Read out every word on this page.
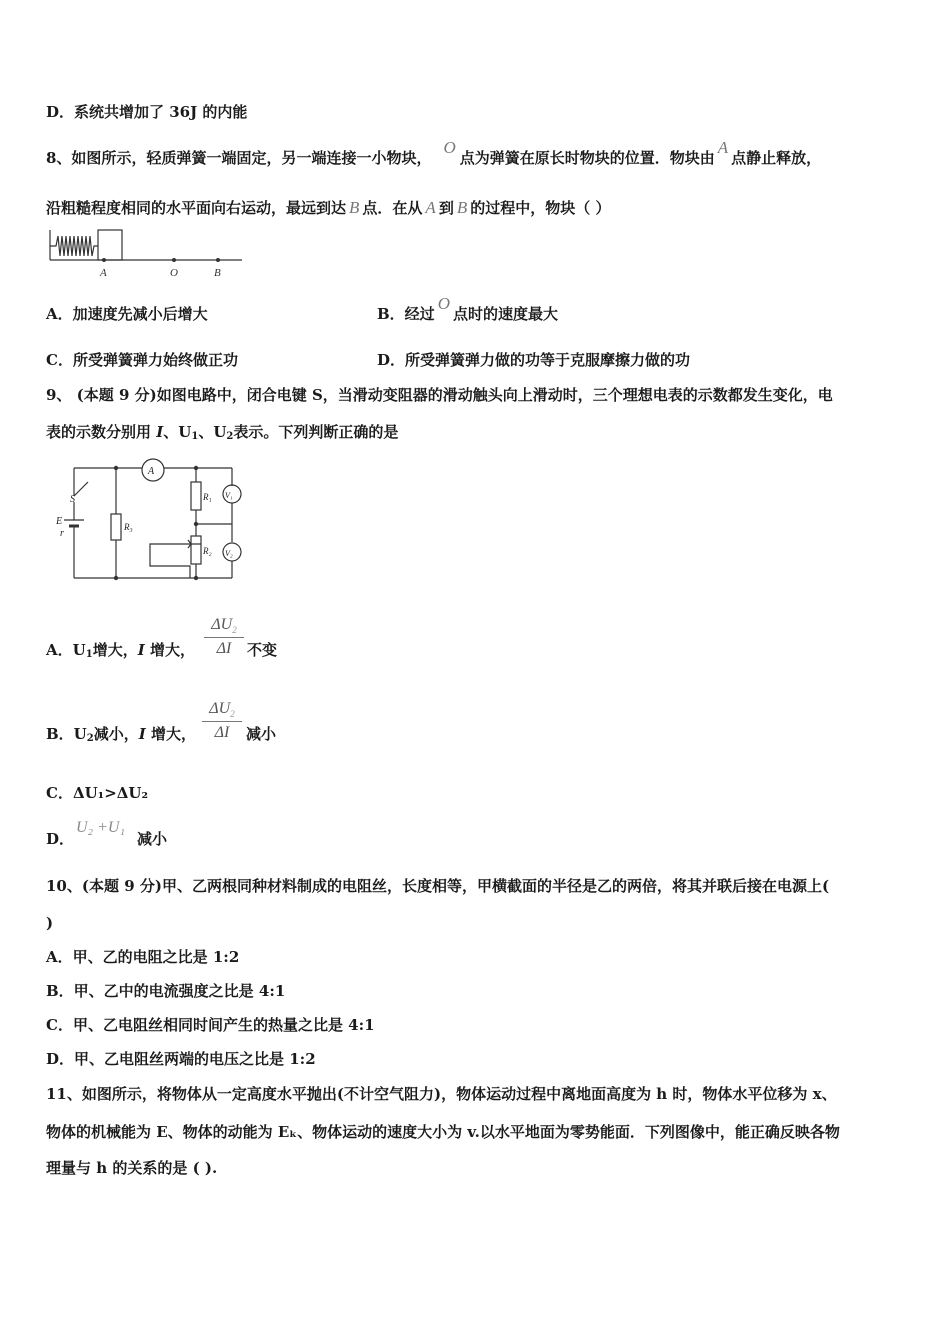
D．系统共增加了 36J 的内能
8、如图所示，轻质弹簧一端固定，另一端连接一小物块，O点为弹簧在原长时物块的位置．物块由A点静止释放，
沿粗糙程度相同的水平面向右运动，最远到达 B 点．在从 A 到 B 的过程中，物块（ ）
A	O	B
A．加速度先减小后增大	B．经过O点时的速度最大
C．所受弹簧弹力始终做正功	D．所受弹簧弹力做的功等于克服摩擦力做的功
9、 (本题 9 分)如图电路中，闭合电键 S，当滑动变阻器的滑动触头向上滑动时，三个理想电表的示数都发生变化，电
表的示数分别用 I、$U_1$、$U_2$表示。下列判断正确的是
A
V₁
V₂
R₁
R₂
R₃
S
E
r
A．$U_1$增大，I 增大，
$\Delta U_2$
ΔI	不变
B．$U_2$减小，I 增大，
$\Delta U_2$
ΔI	减小
C．ΔU₁>ΔU₂
D．
U₂ +U₁
减小
10、(本题 9 分)甲、乙两根同种材料制成的电阻丝，长度相等，甲横截面的半径是乙的两倍，将其并联后接在电源上(
)
A．甲、乙的电阻之比是 1:2
B．甲、乙中的电流强度之比是 4:1
C．甲、乙电阻丝相同时间产生的热量之比是 4:1
D．甲、乙电阻丝两端的电压之比是 1:2
11、如图所示，将物体从一定高度水平抛出(不计空气阻力)，物体运动过程中离地面高度为 h 时，物体水平位移为 x、
物体的机械能为 E、物体的动能为 Eₖ、物体运动的速度大小为 v.以水平地面为零势能面．下列图像中，能正确反映各物
理量与 h 的关系的是 ( ).
